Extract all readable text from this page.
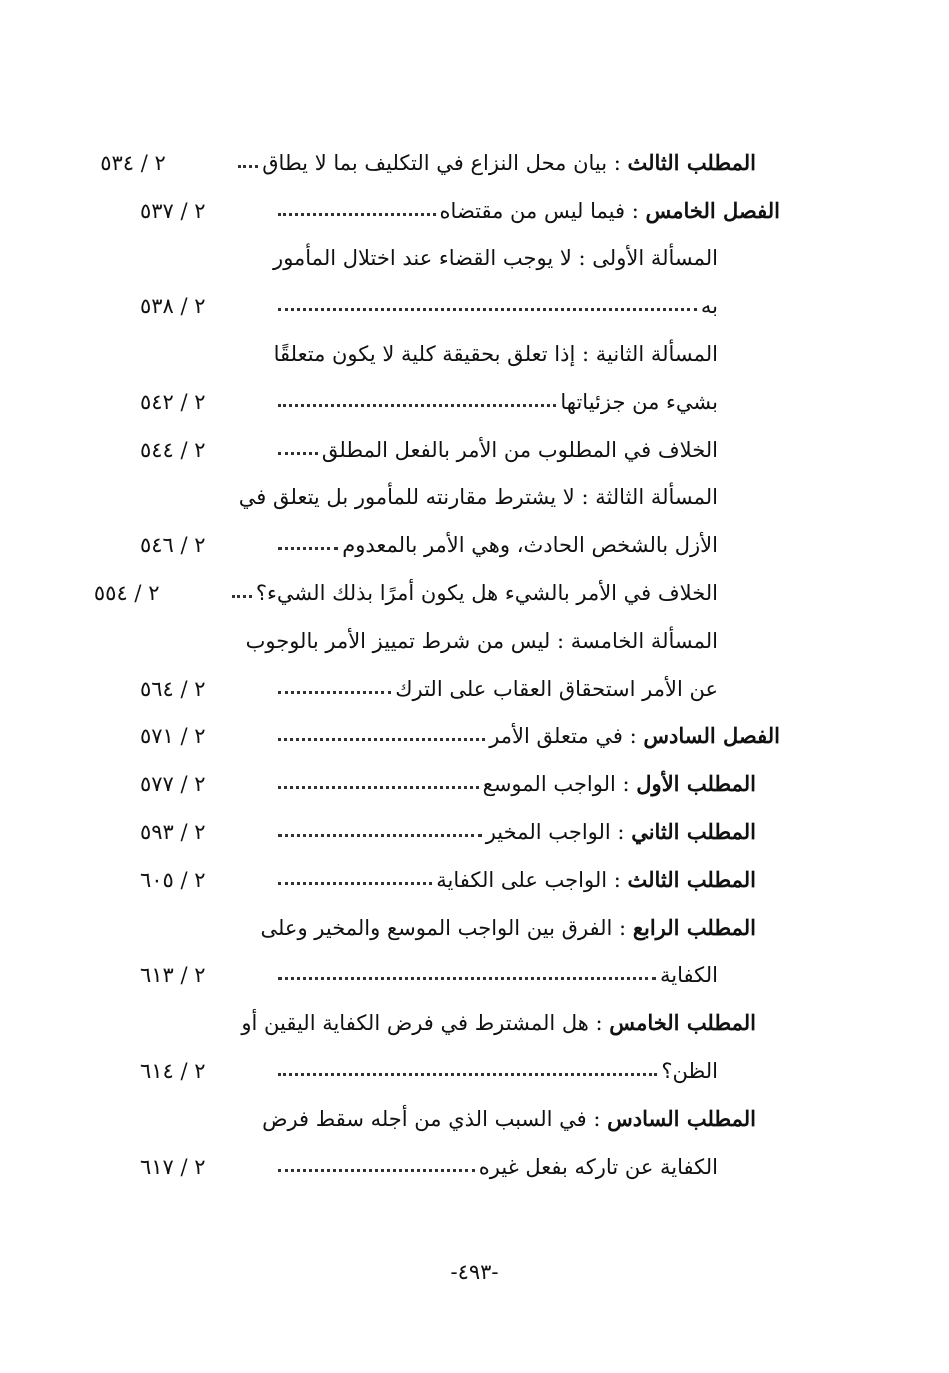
المطلب الثالث : بيان محل النزاع في التكليف بما لا يطاق
٢ / ٥٣٤
الفصل الخامس : فيما ليس من مقتضاه
٢ / ٥٣٧
المسألة الأولى : لا يوجب القضاء عند اختلال المأمور
به
٢ / ٥٣٨
المسألة الثانية : إذا تعلق بحقيقة كلية لا يكون متعلقًا
بشيء من جزئياتها
٢ / ٥٤٢
الخلاف في المطلوب من الأمر بالفعل المطلق
٢ / ٥٤٤
المسألة الثالثة : لا يشترط مقارنته للمأمور بل يتعلق في
الأزل بالشخص الحادث، وهي الأمر بالمعدوم
٢ / ٥٤٦
الخلاف في الأمر بالشيء هل يكون أمرًا بذلك الشيء؟
٢ / ٥٥٤
المسألة الخامسة : ليس من شرط تمييز الأمر بالوجوب
عن الأمر استحقاق العقاب على الترك
٢ / ٥٦٤
الفصل السادس : في متعلق الأمر
٢ / ٥٧١
المطلب الأول : الواجب الموسع
٢ / ٥٧٧
المطلب الثاني : الواجب المخير
٢ / ٥٩٣
المطلب الثالث : الواجب على الكفاية
٢ / ٦٠٥
المطلب الرابع : الفرق بين الواجب الموسع والمخير وعلى
الكفاية
٢ / ٦١٣
المطلب الخامس : هل المشترط في فرض الكفاية اليقين أو
الظن؟
٢ / ٦١٤
المطلب السادس : في السبب الذي من أجله سقط فرض
الكفاية عن تاركه بفعل غيره
٢ / ٦١٧
-٤٩٣-
